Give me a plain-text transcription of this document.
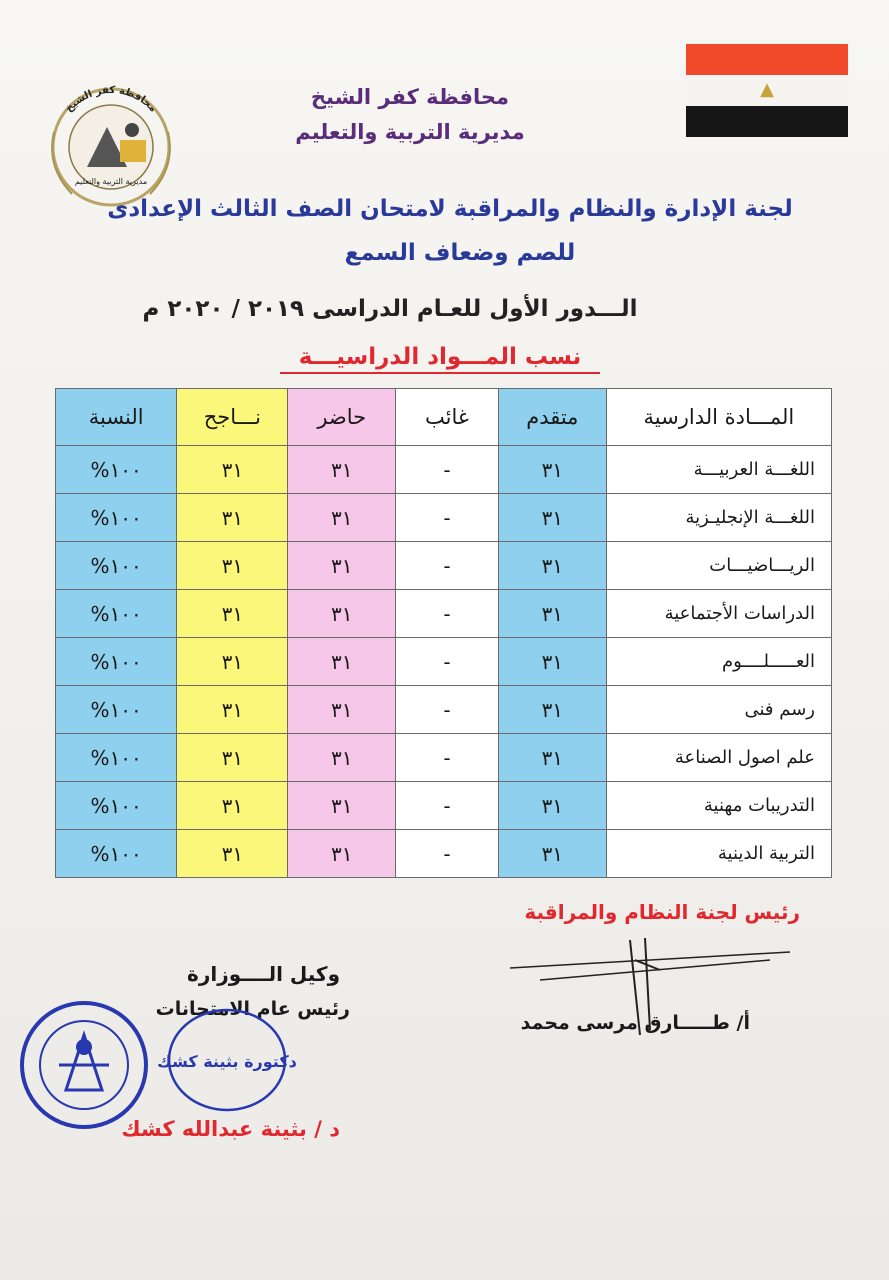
▲
محافظة كفر الشيخ
مديرية التربية والتعليم
محافظة كفر الشيخ
مديرية التربية والتعليم
لجنة الإدارة والنظام والمراقبة لامتحان الصف الثالث الإعدادى
للصم وضعاف السمع
الـــدور الأول للعـام الدراسى ٢٠١٩ / ٢٠٢٠ م
نسب المـــواد الدراسيـــة
المـــادة الدارسية	متقدم	غائب	حاضر	نـــاجح	النسبة
اللغـــة العربيـــة	٣١	-	٣١	٣١	١٠٠%
اللغـــة الإنجليـزية	٣١	-	٣١	٣١	١٠٠%
الريـــاضيـــات	٣١	-	٣١	٣١	١٠٠%
الدراسات الأجتماعية	٣١	-	٣١	٣١	١٠٠%
العـــــلــــوم	٣١	-	٣١	٣١	١٠٠%
رسم فنى	٣١	-	٣١	٣١	١٠٠%
علم اصول الصناعة	٣١	-	٣١	٣١	١٠٠%
التدريبات مهنية	٣١	-	٣١	٣١	١٠٠%
التربية الدينية	٣١	-	٣١	٣١	١٠٠%
رئيس لجنة النظام والمراقبة
أ/ طـــــارق مرسى محمد
وكيل الــــوزارة
رئيس عام الامتحانات
دكتورة بثينة كشك
د / بثينة عبدالله كشك
